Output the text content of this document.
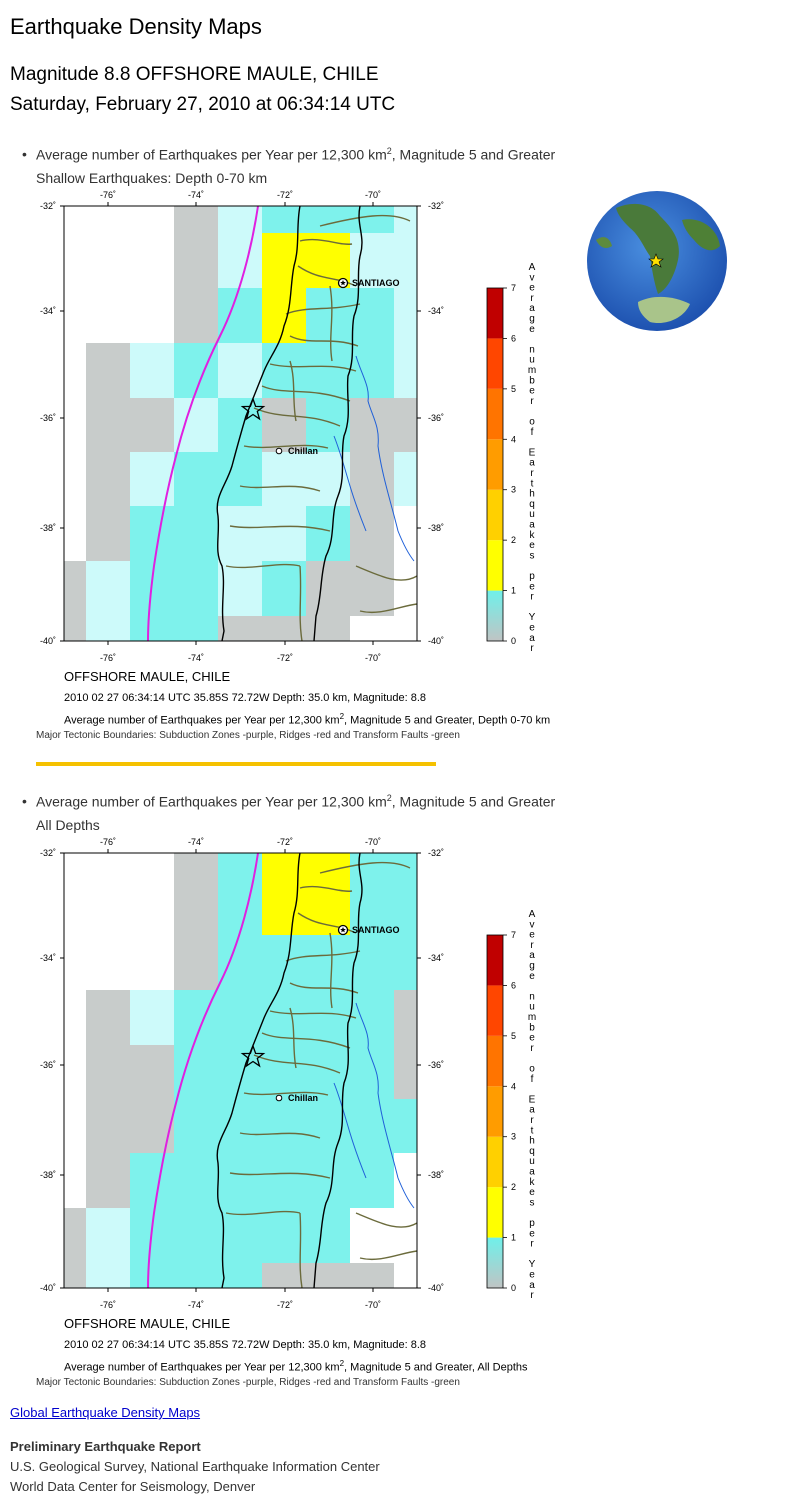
Earthquake Density Maps
Magnitude 8.8 OFFSHORE MAULE, CHILE
Saturday, February 27, 2010 at 06:34:14 UTC
• Average number of Earthquakes per Year per 12,300 $km^2$, Magnitude 5 and Greater
Shallow Earthquakes: Depth 0-70 km
-76˚
-76˚
-74˚
-74˚
-72˚
-72˚
-70˚
-70˚
-32˚	-32˚
-34˚	-34˚
-36˚	-36˚
-38˚	-38˚
-40˚	-40˚
SANTIAGO
Chillan
0
1
2
3
4
5
6
7
A
v
e
r
a
g
e
n
u
m
b
e
r
o
f
E
a
r
t
h
q
u
a
k
e
s
p
e
r
Y
e
a
r
OFFSHORE MAULE, CHILE
2010 02 27 06:34:14 UTC 35.85S 72.72W Depth: 35.0 km, Magnitude: 8.8
Average number of Earthquakes per Year per 12,300 $km^2$, Magnitude 5 and Greater, Depth 0-70 km
Major Tectonic Boundaries: Subduction Zones -purple, Ridges -red and Transform Faults -green
• Average number of Earthquakes per Year per 12,300 $km^2$, Magnitude 5 and Greater
All Depths
-76˚
-76˚
-74˚
-74˚
-72˚
-72˚
-70˚
-70˚
-32˚	-32˚
-34˚	-34˚
-36˚	-36˚
-38˚	-38˚
-40˚	-40˚
SANTIAGO
Chillan
0
1
2
3
4
5
6
7
A
v
e
r
a
g
e
n
u
m
b
e
r
o
f
E
a
r
t
h
q
u
a
k
e
s
p
e
r
Y
e
a
r
OFFSHORE MAULE, CHILE
2010 02 27 06:34:14 UTC 35.85S 72.72W Depth: 35.0 km, Magnitude: 8.8
Average number of Earthquakes per Year per 12,300 $km^2$, Magnitude 5 and Greater, All Depths
Major Tectonic Boundaries: Subduction Zones -purple, Ridges -red and Transform Faults -green
Global Earthquake Density Maps
Preliminary Earthquake Report
U.S. Geological Survey, National Earthquake Information Center
World Data Center for Seismology, Denver
